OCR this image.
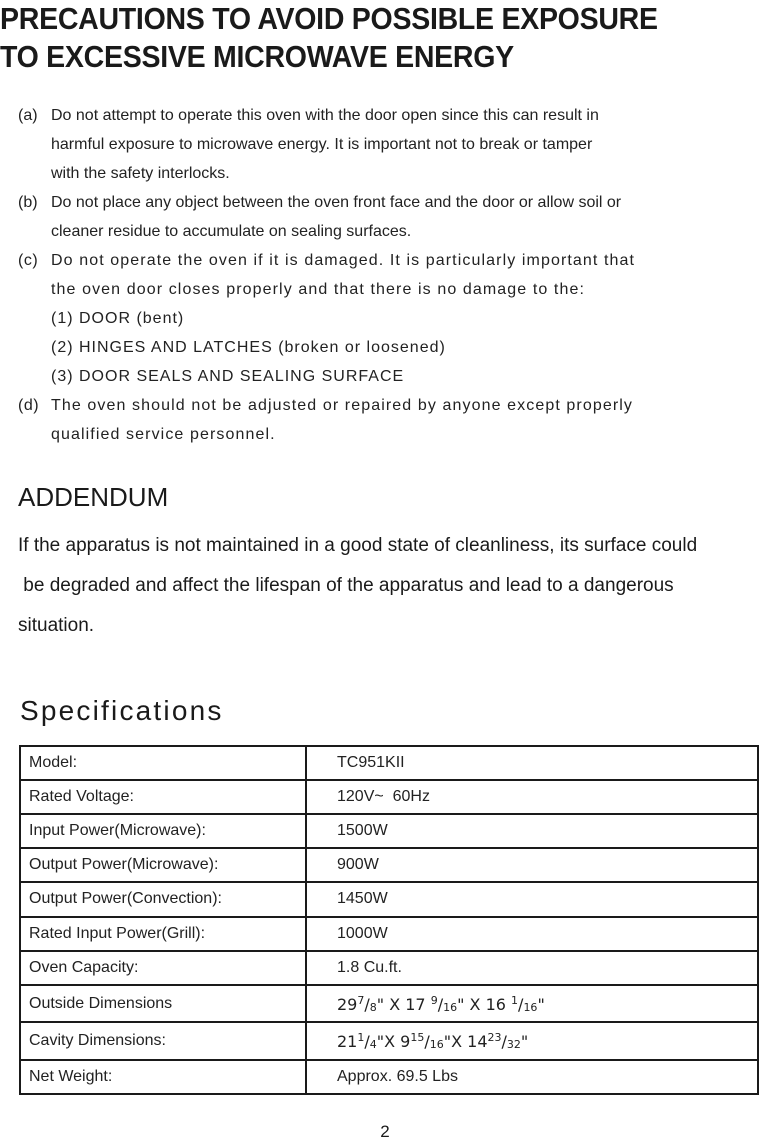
PRECAUTIONS TO AVOID POSSIBLE EXPOSURE
TO EXCESSIVE MICROWAVE ENERGY
(a) Do not attempt to operate this oven with the door open since this can result in
harmful exposure to microwave energy. It is important not to break or tamper
with the safety interlocks.
(b) Do not place any object between the oven front face and the door or allow soil or
cleaner residue to accumulate on sealing surfaces.
(c) Do not operate the oven if it is damaged. It is particularly important that
the oven door closes properly and that there is no damage to the:
(1) DOOR (bent)
(2) HINGES AND LATCHES (broken or loosened)
(3) DOOR SEALS AND SEALING SURFACE
(d) The oven should not be adjusted or repaired by anyone except properly
qualified service personnel.
ADDENDUM
If the apparatus is not maintained in a good state of cleanliness, its surface could
be degraded and affect the lifespan of the apparatus and lead to a dangerous
situation.
Specifications
Model:	TC951KII
Rated Voltage:	120V~  60Hz
Input Power(Microwave):	1500W
Output Power(Microwave):	900W
Output Power(Convection):	1450W
Rated Input Power(Grill):	1000W
Oven Capacity:	1.8 Cu.ft.
Outside Dimensions	$29^7/_8$" X 17 $^9/_{16}$" X 16 $^1/_{16}$"
Cavity Dimensions:	$21^1/_4"X$ $9^{15}/_{16}"X$ $14^{23}/_{32}$"
Net Weight:	Approx. 69.5 Lbs
2
